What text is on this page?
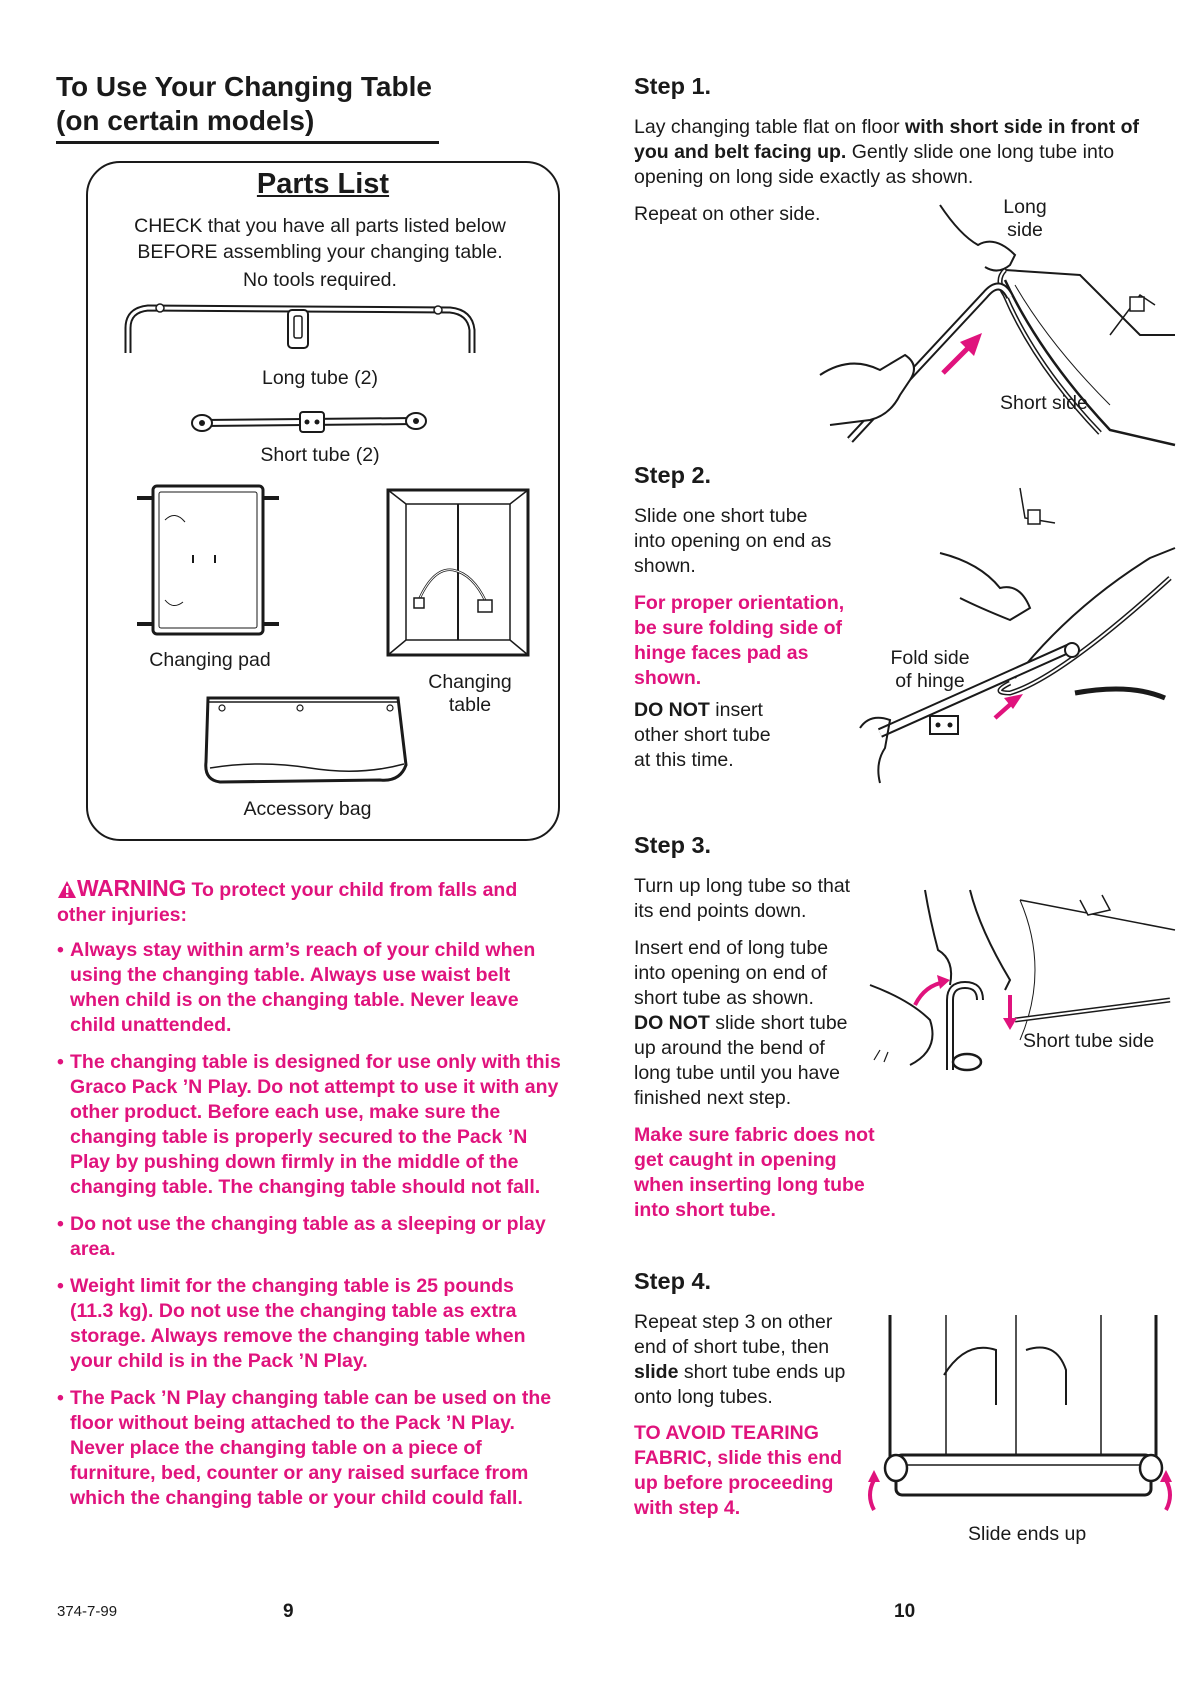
To Use Your Changing Table
(on certain models)
Parts List
CHECK that you have all parts listed below
BEFORE assembling your changing table.
No tools required.
Long tube (2)
Short tube (2)
Changing pad
Changing
table
Accessory bag
WARNING To protect your child from falls and other injuries:
• Always stay within arm’s reach of your child when using the changing table. Always use waist belt when child is on the changing table. Never leave child unattended.
• The changing table is designed for use only with this Graco Pack ’N Play. Do not attempt to use it with any other product. Before each use, make sure the changing table is properly secured to the Pack ’N Play by pushing down firmly in the middle of the changing table. The changing table should not fall.
• Do not use the changing table as a sleeping or play area.
• Weight limit for the changing table is 25 pounds (11.3 kg). Do not use the changing table as extra storage. Always remove the changing table when your child is in the Pack ’N Play.
• The Pack ’N Play changing table can be used on the floor without being attached to the Pack ’N Play. Never place the changing table on a piece of furniture, bed, counter or any raised surface from which the changing table or your child could fall.
374-7-99	9
Step 1.
Lay changing table flat on floor with short side in front of you and belt facing up. Gently slide one long tube into opening on long side exactly as shown.
Repeat on other side.	Long
side
Short side
Step 2.
Slide one short tube into opening on end as shown.
For proper orientation, be sure folding side of hinge faces pad as shown.
DO NOT insert other short tube at this time.
Fold side
of hinge
Step 3.
Turn up long tube so that its end points down.
Insert end of long tube into opening on end of short tube as shown.
DO NOT slide short tube up around the bend of long tube until you have finished next step.
Make sure fabric does not get caught in opening when inserting long tube into short tube.
Short tube side
Step 4.
Repeat step 3 on other end of short tube, then slide short tube ends up onto long tubes.
TO AVOID TEARING FABRIC, slide this end up before proceeding with step 4.
Slide ends up
10
